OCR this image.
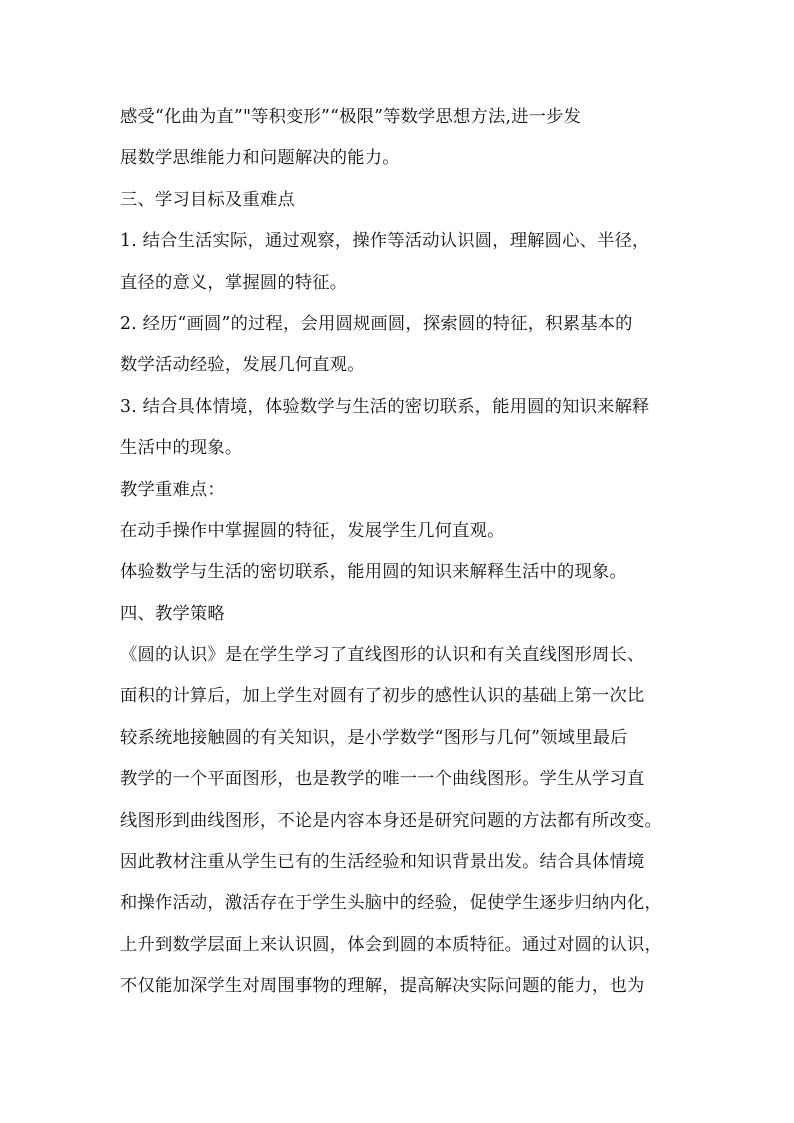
感受“化曲为直”"等积变形”“极限”等数学思想方法,进一步发
展数学思维能力和问题解决的能力。
三、学习目标及重难点
1. 结合生活实际，通过观察，操作等活动认识圆，理解圆心、半径，
直径的意义，掌握圆的特征。
2. 经历“画圆”的过程，会用圆规画圆，探索圆的特征，积累基本的
数学活动经验，发展几何直观。
3. 结合具体情境，体验数学与生活的密切联系，能用圆的知识来解释
生活中的现象。
教学重难点：
在动手操作中掌握圆的特征，发展学生几何直观。
体验数学与生活的密切联系，能用圆的知识来解释生活中的现象。
四、教学策略
《圆的认识》是在学生学习了直线图形的认识和有关直线图形周长、
面积的计算后，加上学生对圆有了初步的感性认识的基础上第一次比
较系统地接触圆的有关知识，是小学数学“图形与几何”领域里最后
教学的一个平面图形，也是教学的唯一一个曲线图形。学生从学习直
线图形到曲线图形，不论是内容本身还是研究问题的方法都有所改变。
因此教材注重从学生已有的生活经验和知识背景出发。结合具体情境
和操作活动，激活存在于学生头脑中的经验，促使学生逐步归纳内化，
上升到数学层面上来认识圆，体会到圆的本质特征。通过对圆的认识，
不仅能加深学生对周围事物的理解，提高解决实际问题的能力，也为
